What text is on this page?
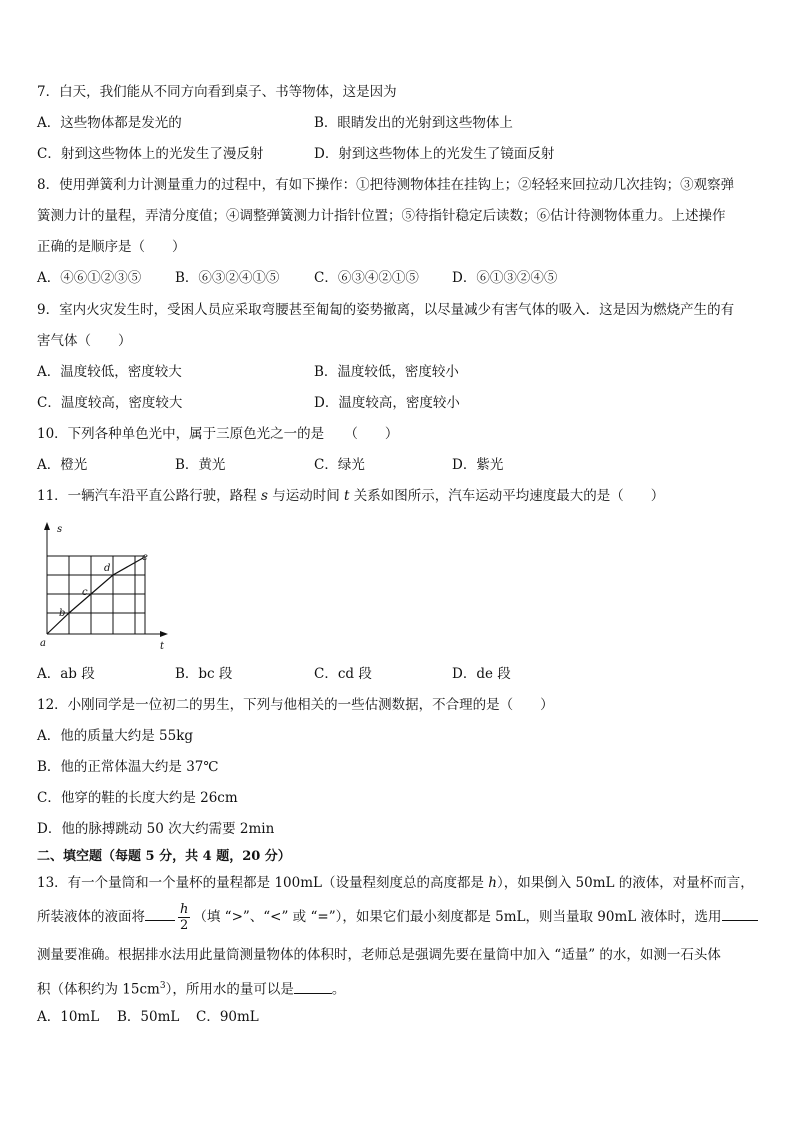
7．白天，我们能从不同方向看到桌子、书等物体，这是因为
A．这些物体都是发光的	B．眼睛发出的光射到这些物体上
C．射到这些物体上的光发生了漫反射	D．射到这些物体上的光发生了镜面反射
8．使用弹簧利力计测量重力的过程中，有如下操作：①把待测物体挂在挂钩上；②轻轻来回拉动几次挂钩；③观察弹
簧测力计的量程，弄清分度值；④调整弹簧测力计指针位置；⑤待指针稳定后读数；⑥估计待测物体重力。上述操作
正确的是顺序是（　　）
A．④⑥①②③⑤	B．⑥③②④①⑤	C．⑥③④②①⑤ D．⑥①③②④⑤
9．室内火灾发生时，受困人员应采取弯腰甚至匍匐的姿势撤离，以尽量减少有害气体的吸入．这是因为燃烧产生的有
害气体（　　）
A．温度较低，密度较大	B．温度较低，密度较小
C．温度较高，密度较大	D．温度较高，密度较小
10．下列各种单色光中，属于三原色光之一的是　　（　　）
A．橙光	B．黄光	C．绿光	D．紫光
11．一辆汽车沿平直公路行驶，路程 s 与运动时间 t 关系如图所示，汽车运动平均速度最大的是（　　）
s
t
a
b
c
d
e
A．ab 段	B．bc 段	C．cd 段	D．de 段
12．小刚同学是一位初二的男生，下列与他相关的一些估测数据，不合理的是（　　）
A．他的质量大约是 55kg
B．他的正常体温大约是 37℃
C．他穿的鞋的长度大约是 26cm
D．他的脉搏跳动 50 次大约需要 2min
二、填空题（每题 5 分，共 4 题，20 分）
13．有一个量筒和一个量杯的量程都是 100mL（设量程刻度总的高度都是 h），如果倒入 50mL 的液体，对量杯而言，
所装液体的液面将	$\frac{h}{2}$ （填 “>”、“<” 或 “=”），如果它们最小刻度都是 5mL，则当量取 90mL 液体时，选用
测量要准确。根据排水法用此量筒测量物体的体积时，老师总是强调先要在量筒中加入 “适量” 的水，如测一石头体
积（体积约为 $15cm^3$），所用水的量可以是	。
A．10mL B．50mL C．90mL
